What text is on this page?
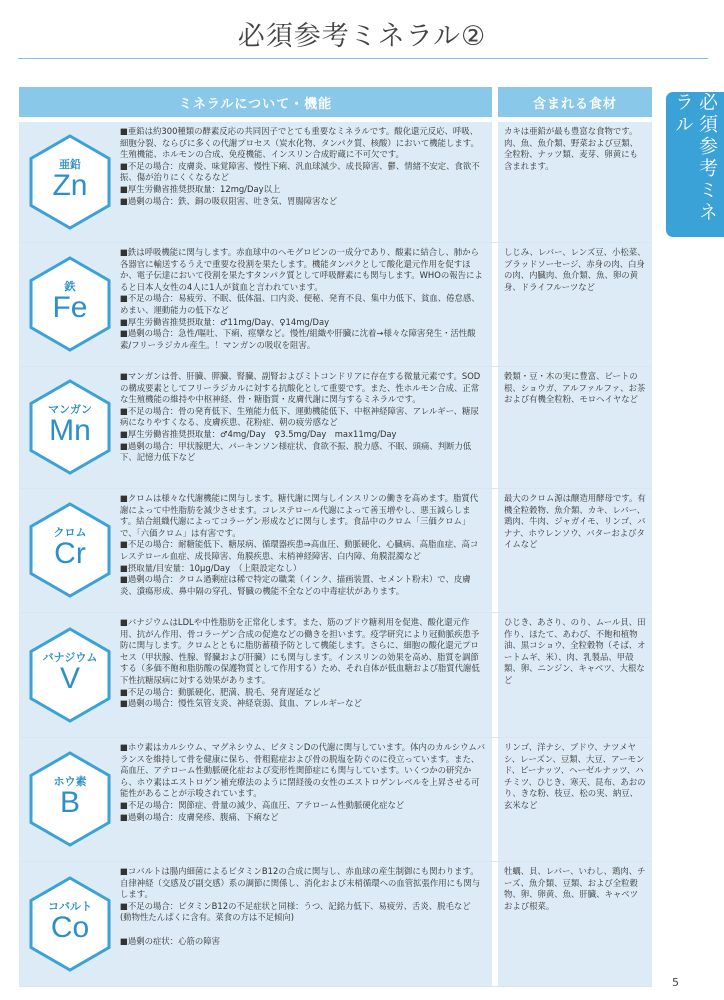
必須参考ミネラル②
必須参考ミネラル
ミネラルについて・機能	含まれる食材
亜鉛
Zn

■亜鉛は約300種類の酵素反応の共同因子でとても重要なミネラルです。酸化還元反応、呼吸、細胞分裂、ならびに多くの代謝プロセス（炭水化物、タンパク質、核酸）において機能します。生殖機能、ホルモンの合成、免疫機能、インスリン合成貯蔵に不可欠です。

■不足の場合：皮膚炎、味覚障害、慢性下痢、汎血球減少、成長障害、鬱、情緒不安定、食欲不振、傷が治りにくくなるなど

■厚生労働省推奨摂取量：12mg/Day以上

■過剰の場合：鉄、銅の吸収阻害、吐き気、胃腸障害など

カキは亜鉛が最も豊富な食物です。肉、魚、魚介類、野菜および豆類、全粒粉、ナッツ類、麦芽、卵黄にも含まれます。
鉄
Fe

■鉄は呼吸機能に関与します。赤血球中のヘモグロビンの一成分であり、酸素に結合し、肺から各器官に輸送するうえで重要な役割を果たします。機能タンパクとして酸化還元作用を促すほか、電子伝達において役割を果たすタンパク質として呼吸酵素にも関与します。WHOの報告によると日本人女性の4人に1人が貧血と言われています。

■不足の場合：易疲労、不眠、低体温、口内炎、便秘、発育不良、集中力低下、貧血、倦怠感、めまい、運動能力の低下など

■厚生労働省推奨摂取量：♂11mg/Day、♀14mg/Day

■過剰の場合：急性/嘔吐、下痢、痙攣など。慢性/組織や肝臓に沈着→様々な障害発生・活性酸素/フリーラジカル産生。！マンガンの吸収を阻害。

しじみ、レバー、レンズ豆、小松菜、ブラッドソーセージ、赤身の肉、白身の肉、内臓肉、魚介類、魚、卵の黄身、ドライフルーツなど
マンガン
Mn

■マンガンは骨、肝臓、膵臓、腎臓、副腎およびミトコンドリアに存在する微量元素です。SODの構成要素としてフリーラジカルに対する抗酸化として重要です。また、性ホルモン合成、正常な生殖機能の維持や中枢神経、骨・糖脂質・皮膚代謝に関与するミネラルです。

■不足の場合：骨の発育低下、生殖能力低下、運動機能低下、中枢神経障害、アレルギー、糖尿病になりやすくなる、皮膚疾患、花粉症、朝の疲労感など

■厚生労働省推奨摂取量：♂4mg/Day　♀3.5mg/Day　max11mg/Day

■過剰の場合：甲状腺肥大、パーキンソン様症状、食欲不振、脱力感、不眠、頭痛、判断力低下、記憶力低下など

穀類・豆・木の実に豊富、ビートの根、ショウガ、アルファルファ、お茶および有機全粒粉、モロヘイヤなど
クロム
Cr

■クロムは様々な代謝機能に関与します。糖代謝に関与しインスリンの働きを高めます。脂質代謝によって中性脂肪を減少させます。コレステロール代謝によって善玉増やし、悪玉減らします。結合組織代謝によってコラーゲン形成などに関与します。食品中のクロム「三価クロム」で、「六価クロム」は有害です。

■不足の場合：耐糖能低下、糖尿病、循環器疾患⇒高血圧、動脈硬化、心臓病、高脂血症、高コレステロール血症、成長障害、角膜疾患、末梢神経障害、白内障、角膜混濁など

■摂取量/目安量：10μg/Day　（上限設定なし）

■過剰の場合：クロム過剰症は稀で特定の職業（インク、描画装置、セメント粉末）で、皮膚炎、潰瘍形成、鼻中隔の穿孔、腎臓の機能不全などの中毒症状があります。

最大のクロム源は醸造用酵母です。有機全粒穀物、魚介類、カキ、レバー、鶏肉、牛肉、ジャガイモ、リンゴ、バナナ、ホウレンソウ、バターおよびタイムなど
バナジウム
V

■バナジウムはLDLや中性脂肪を正常化します。また、筋のブドウ糖利用を促進、酸化還元作用、抗がん作用、骨コラーゲン合成の促進などの働きを担います。疫学研究により冠動脈疾患予防に関与します。クロムとともに脂肪蓄積予防として機能します。さらに、細胞の酸化還元プロセス（甲状腺、性腺、腎臓および肝臓）にも関与します。インスリンの効果を高め、脂質を調節する（多価不飽和脂肪酸の保護物質として作用する）ため、それ自体が低血糖および脂質代謝低下性抗糖尿病に対する効果があります。

■不足の場合：動脈硬化、肥満、脱毛、発育遅延など

■過剰の場合：慢性気管支炎、神経衰弱、貧血、アレルギーなど

ひじき、あさり、のり、ムール貝、田作り、ほたて、あわび、不飽和植物油、黒コショウ、全粒穀物（そば、オートムギ、米）、肉、乳製品、甲殻類、卵、ニンジン、キャベツ、大根など
ホウ素
B

■ホウ素はカルシウム、マグネシウム、ビタミンDの代謝に関与しています。体内のカルシウムバランスを維持して骨を健康に保ち、骨粗鬆症および骨の脱塩を防ぐのに役立っています。また、高血圧、アテローム性動脈硬化症および変形性関節症にも関与しています。いくつかの研究から、ホウ素はエストロゲン補充療法のように閉経後の女性のエストロゲンレベルを上昇させる可能性があることが示唆されています。

■不足の場合：関節症、骨量の減少、高血圧、アテローム性動脈硬化症など

■過剰の場合：皮膚発疹、腹痛、下痢など

リンゴ、洋ナシ、ブドウ、ナツメヤシ、レーズン、豆類、大豆、アーモンド、ピーナッツ、ヘーゼルナッツ、ハチミツ、ひじき、寒天、昆布、あおのり、きな粉、枝豆、松の実、納豆、玄米など
コバルト
Co

■コバルトは腸内細菌によるビタミンB12の合成に関与し、赤血球の産生制御にも関わります。自律神経（交感及び副交感）系の調節に関係し、消化および末梢循環への血管拡張作用にも関与します。

■不足の場合：ビタミンB12の不足症状と同様：うつ、記銘力低下、易疲労、舌炎、脱毛など　(動物性たんぱくに含有。菜食の方は不足傾向)

■過剰の症状：心筋の障害

牡蠣、貝、レバー、いわし、鶏肉、チーズ、魚介類、豆類、および全粒穀物、卵、卵黄、魚、肝臓、キャベツおよび根菜。
5
